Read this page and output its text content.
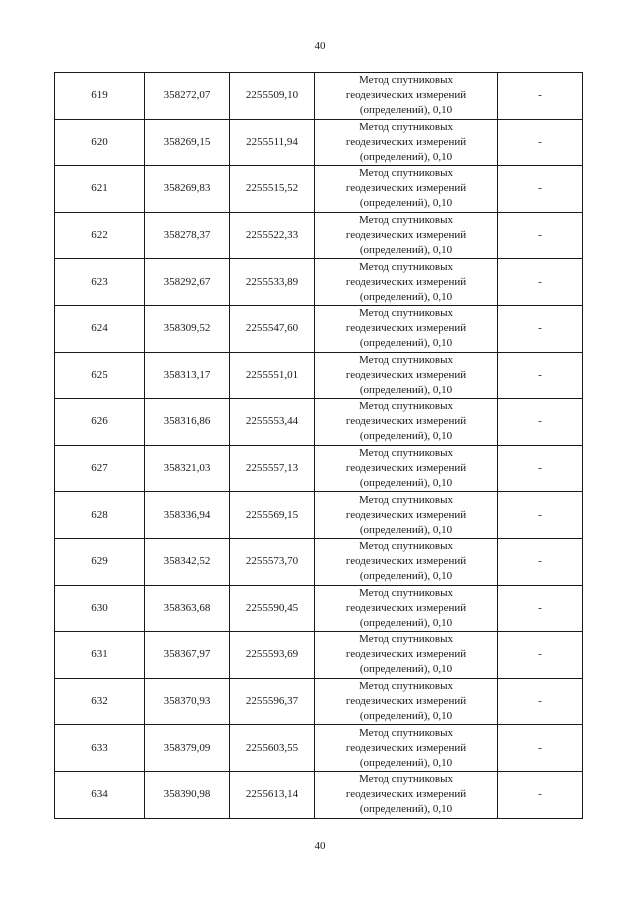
40
619	358272,07	2255509,10	Метод спутниковых
геодезических измерений
(определений), 0,10	-
620	358269,15	2255511,94	Метод спутниковых
геодезических измерений
(определений), 0,10	-
621	358269,83	2255515,52	Метод спутниковых
геодезических измерений
(определений), 0,10	-
622	358278,37	2255522,33	Метод спутниковых
геодезических измерений
(определений), 0,10	-
623	358292,67	2255533,89	Метод спутниковых
геодезических измерений
(определений), 0,10	-
624	358309,52	2255547,60	Метод спутниковых
геодезических измерений
(определений), 0,10	-
625	358313,17	2255551,01	Метод спутниковых
геодезических измерений
(определений), 0,10	-
626	358316,86	2255553,44	Метод спутниковых
геодезических измерений
(определений), 0,10	-
627	358321,03	2255557,13	Метод спутниковых
геодезических измерений
(определений), 0,10	-
628	358336,94	2255569,15	Метод спутниковых
геодезических измерений
(определений), 0,10	-
629	358342,52	2255573,70	Метод спутниковых
геодезических измерений
(определений), 0,10	-
630	358363,68	2255590,45	Метод спутниковых
геодезических измерений
(определений), 0,10	-
631	358367,97	2255593,69	Метод спутниковых
геодезических измерений
(определений), 0,10	-
632	358370,93	2255596,37	Метод спутниковых
геодезических измерений
(определений), 0,10	-
633	358379,09	2255603,55	Метод спутниковых
геодезических измерений
(определений), 0,10	-
634	358390,98	2255613,14	Метод спутниковых
геодезических измерений
(определений), 0,10	-
40
